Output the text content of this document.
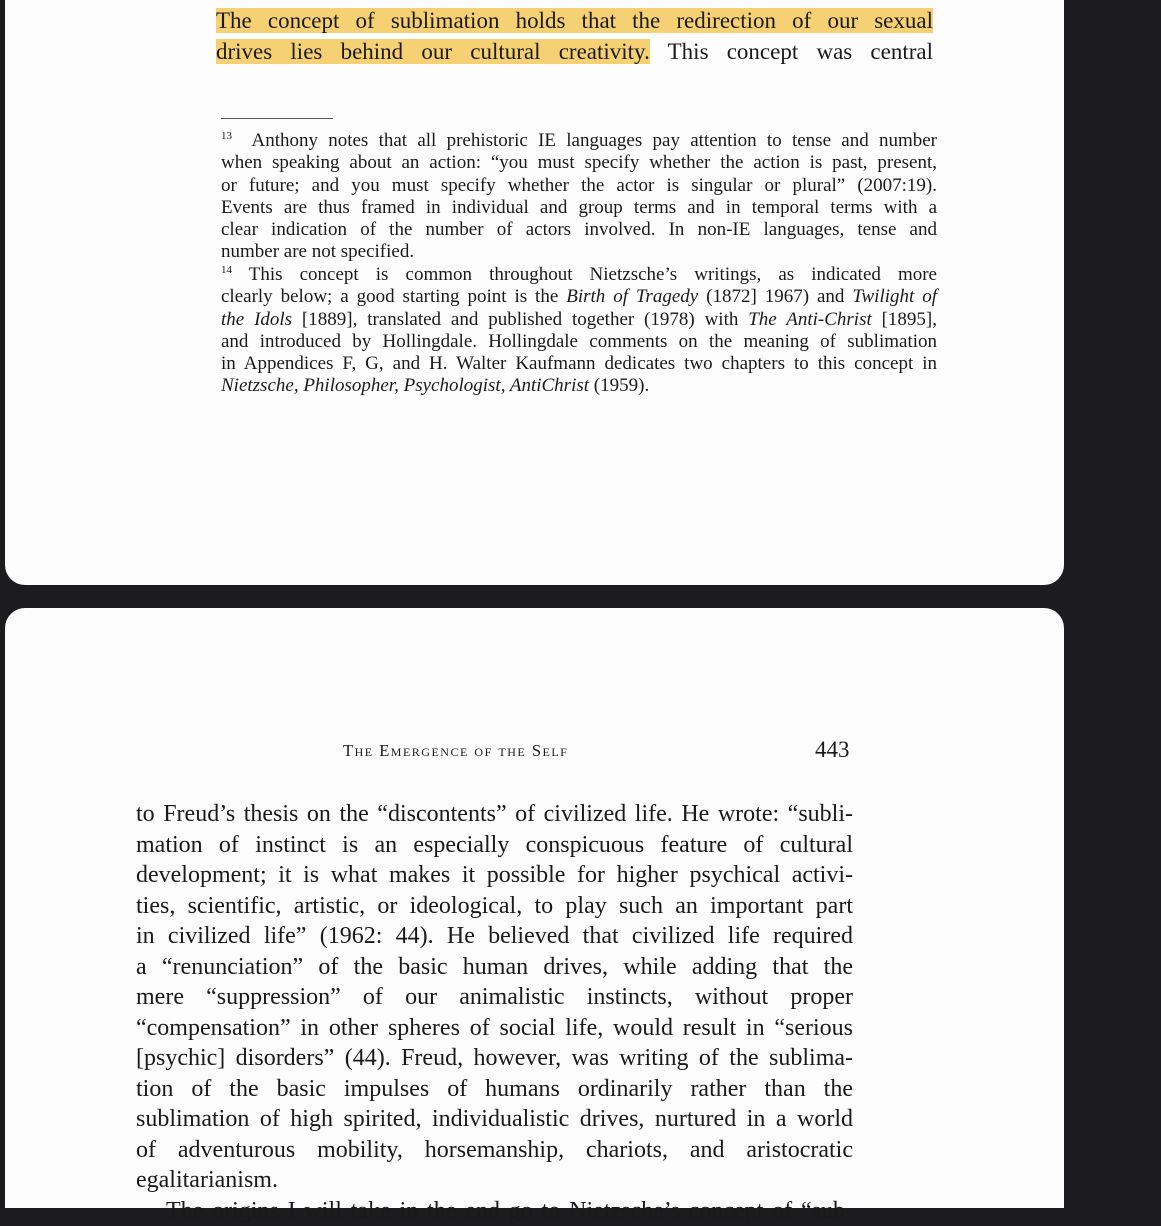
The concept of sublimation holds that the redirection of our sexual
drives lies behind our cultural creativity. This concept was central
$^{13}$ Anthony notes that all prehistoric IE languages pay attention to tense and number
when speaking about an action: “you must specify whether the action is past, present,
or future; and you must specify whether the actor is singular or plural” (2007:19).
Events are thus framed in individual and group terms and in temporal terms with a
clear indication of the number of actors involved. In non-IE languages, tense and
number are not specified.
$^{14}$ This concept is common throughout Nietzsche’s writings, as indicated more
clearly below; a good starting point is the Birth of Tragedy (1872] 1967) and Twilight of
the Idols [1889], translated and published together (1978) with The Anti-Christ [1895],
and introduced by Hollingdale. Hollingdale comments on the meaning of sublimation
in Appendices F, G, and H. Walter Kaufmann dedicates two chapters to this concept in
Nietzsche, Philosopher, Psychologist, AntiChrist (1959).
The Emergence of the Self	443
to Freud’s thesis on the “discontents” of civilized life. He wrote: “subli-
mation of instinct is an especially conspicuous feature of cultural
development; it is what makes it possible for higher psychical activi-
ties, scientific, artistic, or ideological, to play such an important part
in civilized life” (1962: 44). He believed that civilized life required
a “renunciation” of the basic human drives, while adding that the
mere “suppression” of our animalistic instincts, without proper
“compensation” in other spheres of social life, would result in “serious
[psychic] disorders” (44). Freud, however, was writing of the sublima-
tion of the basic impulses of humans ordinarily rather than the
sublimation of high spirited, individualistic drives, nurtured in a world
of adventurous mobility, horsemanship, chariots, and aristocratic
egalitarianism.
The origins I will take in the end go to Nietzsche’s concept of “sub-
